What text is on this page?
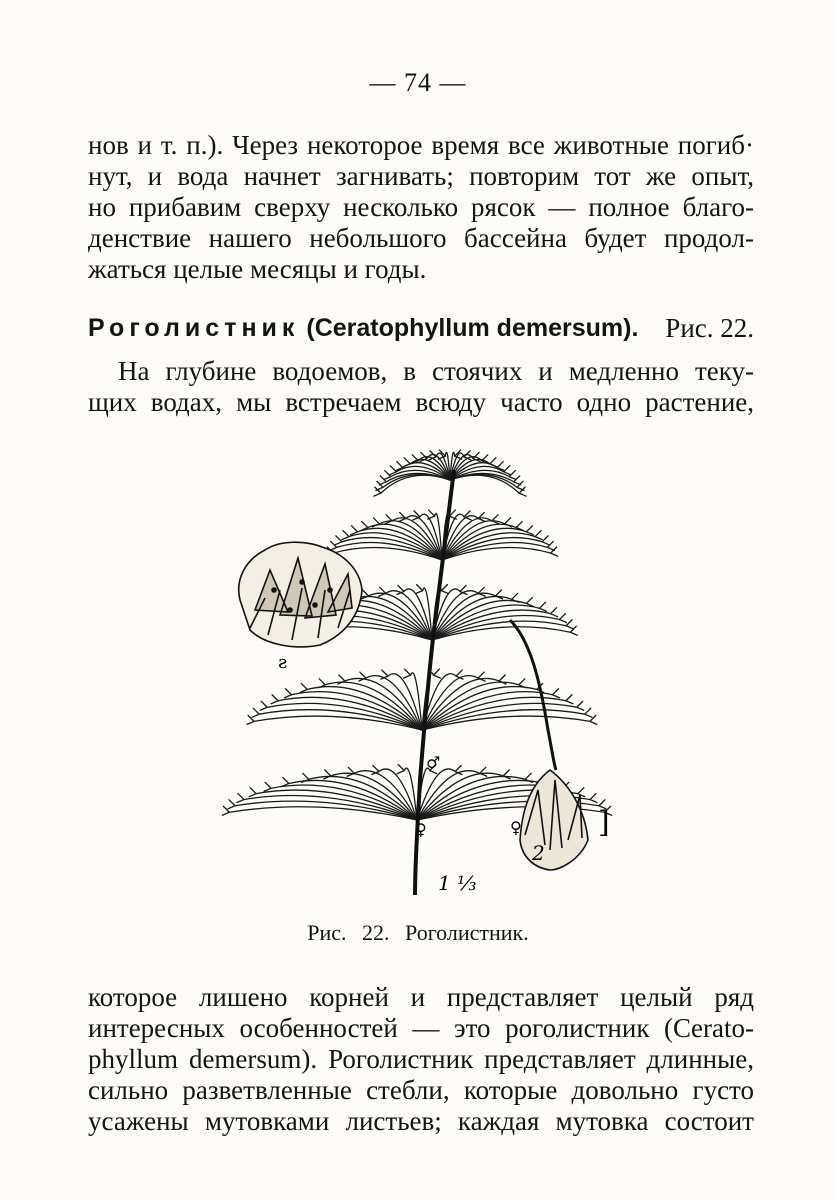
— 74 —
нов и т. п.). Через некоторое время все животные погиб·
нут, и вода начнет загнивать; повторим тот же опыт,
но прибавим сверху несколько рясок — полное благо-
денствие нашего небольшого бассейна будет продол-
жаться целые месяцы и годы.
Роголистник (Ceratophyllum demersum). Рис. 22.
На глубине водоемов, в стоячих и медленно теку-
щих водах, мы встречаем всюду часто одно растение,
ƨ
♂
♀	♀
2
1 ⅓
]
Рис. 22. Роголистник.
которое лишено корней и представляет целый ряд
интересных особенностей — это роголистник (Cerato-
phyllum demersum). Роголистник представляет длинные,
сильно разветвленные стебли, которые довольно густо
усажены мутовками листьев; каждая мутовка состоит
